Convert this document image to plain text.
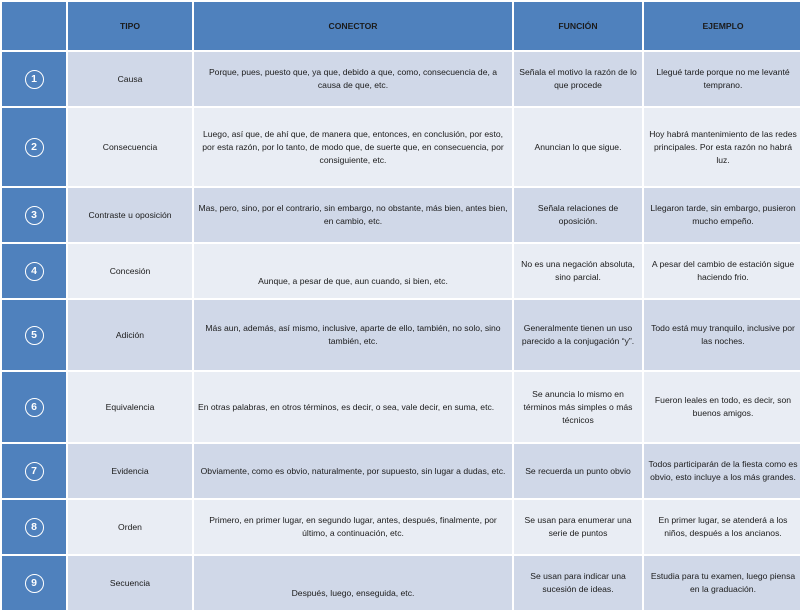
	TIPO	CONECTOR	FUNCIÓN	EJEMPLO
1	Causa	Porque, pues, puesto que, ya que, debido a que, como, consecuencia de, a causa de que, etc.	Señala el motivo la razón de lo que procede	Llegué tarde porque no me levanté temprano.
2	Consecuencia	Luego, así que, de ahí que, de manera que, entonces, en conclusión, por esto, por esta razón, por lo tanto, de modo que, de suerte que, en consecuencia, por consiguiente, etc.	Anuncian lo que sigue.	Hoy habrá mantenimiento de las redes principales. Por esta razón no habrá luz.
3	Contraste u oposición	Mas, pero, sino, por el contrario, sin embargo, no obstante, más bien, antes bien, en cambio, etc.	Señala relaciones de oposición.	Llegaron tarde, sin embargo, pusieron mucho empeño.
4	Concesión	Aunque, a pesar de que, aun cuando, si bien, etc.	No es una negación absoluta, sino parcial.	A pesar del cambio de estación sigue haciendo frio.
5	Adición	Más aun, además, así mismo, inclusive, aparte de ello, también, no solo, sino también, etc.	Generalmente tienen un uso parecido a la conjugación “y”.	Todo está muy tranquilo, inclusive por las noches.
6	Equivalencia	En otras palabras, en otros términos, es decir, o sea, vale decir, en suma, etc.	Se anuncia lo mismo en términos más simples o más técnicos	Fueron leales en todo, es decir, son buenos amigos.
7	Evidencia	Obviamente, como es obvio, naturalmente, por supuesto, sin lugar a dudas, etc.	Se recuerda un punto obvio	Todos participarán de la fiesta como es obvio, esto incluye a los más grandes.
8	Orden	Primero, en primer lugar, en segundo lugar, antes, después, finalmente, por último, a continuación, etc.	Se usan para enumerar una serie de puntos	En primer lugar, se atenderá a los niños, después a los ancianos.
9	Secuencia	Después, luego, enseguida, etc.	Se usan para indicar una sucesión de ideas.	Estudia para tu examen, luego piensa en la graduación.
